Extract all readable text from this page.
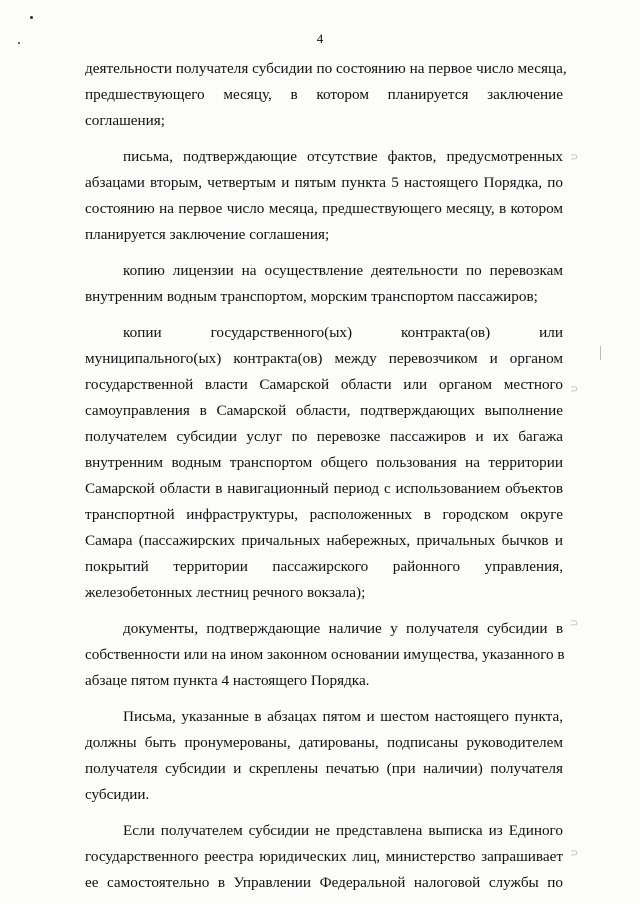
4
⊃
⊃
⊃
⊃
деятельности получателя субсидии по состоянию на первое число месяца,
предшествующего месяцу, в котором планируется заключение
соглашения;
письма, подтверждающие отсутствие фактов, предусмотренных
абзацами вторым, четвертым и пятым пункта 5 настоящего Порядка, по
состоянию на первое число месяца, предшествующего месяцу, в котором
планируется заключение соглашения;
копию лицензии на осуществление деятельности по перевозкам
внутренним водным транспортом, морским транспортом пассажиров;
копии государственного(ых) контракта(ов) или
муниципального(ых) контракта(ов) между перевозчиком и органом
государственной власти Самарской области или органом местного
самоуправления в Самарской области, подтверждающих выполнение
получателем субсидии услуг по перевозке пассажиров и их багажа
внутренним водным транспортом общего пользования на территории
Самарской области в навигационный период с использованием объектов
транспортной инфраструктуры, расположенных в городском округе
Самара (пассажирских причальных набережных, причальных бычков и
покрытий территории пассажирского районного управления,
железобетонных лестниц речного вокзала);
документы, подтверждающие наличие у получателя субсидии в
собственности или на ином законном основании имущества, указанного в
абзаце пятом пункта 4 настоящего Порядка.
Письма, указанные в абзацах пятом и шестом настоящего пункта,
должны быть пронумерованы, датированы, подписаны руководителем
получателя субсидии и скреплены печатью (при наличии) получателя
субсидии.
Если получателем субсидии не представлена выписка из Единого
государственного реестра юридических лиц, министерство запрашивает
ее самостоятельно в Управлении Федеральной налоговой службы по
